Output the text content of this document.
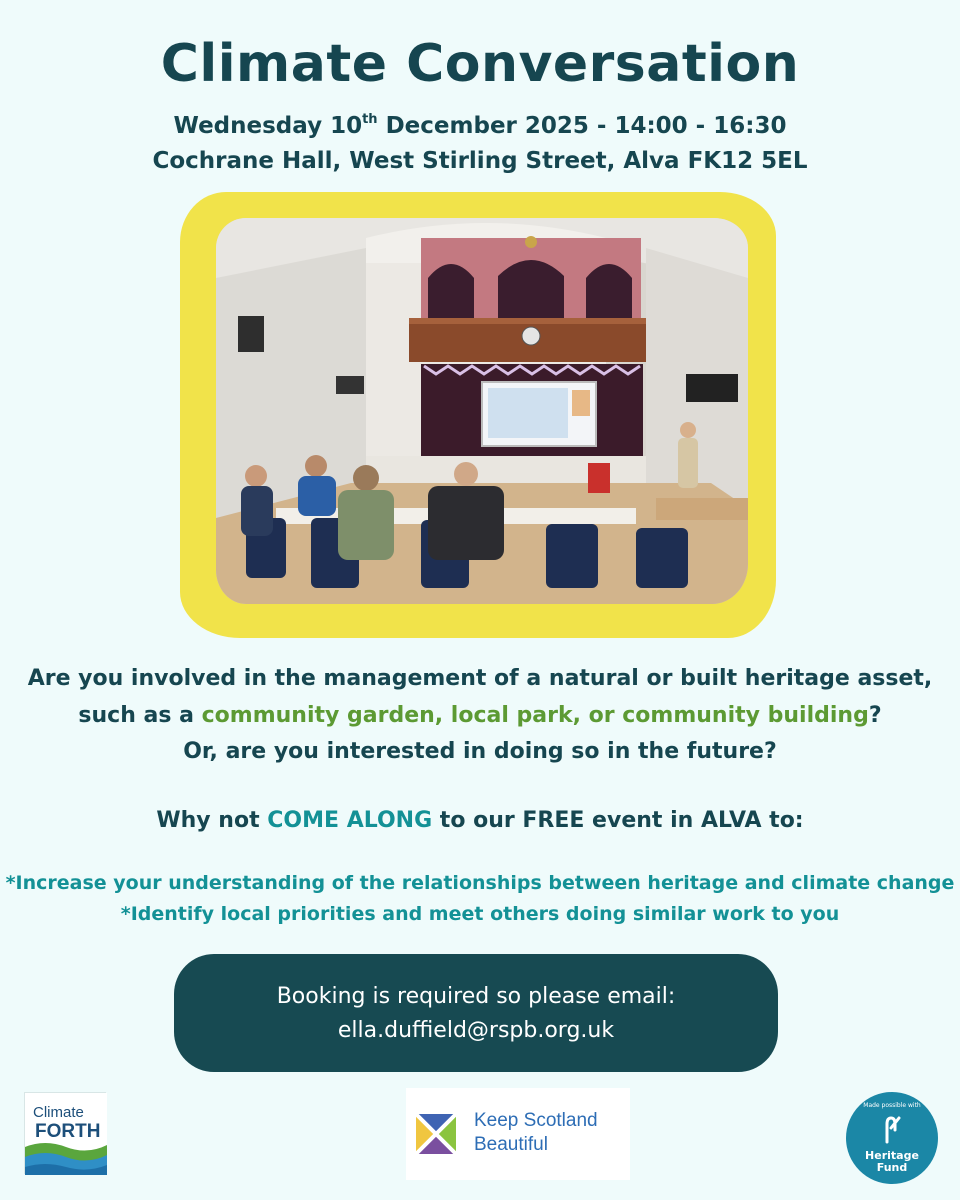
Climate Conversation
Wednesday 10th December 2025 - 14:00 - 16:30
Cochrane Hall, West Stirling Street, Alva FK12 5EL
Are you involved in the management of a natural or built heritage asset,
such as a community garden, local park, or community building?
Or, are you interested in doing so in the future?
Why not COME ALONG to our FREE event in ALVA to:
*Increase your understanding of the relationships between heritage and climate change
*Identify local priorities and meet others doing similar work to you
Booking is required so please email:
ella.duffield@rspb.org.uk
Climate
FORTH
Keep Scotland
Beautiful
Made possible with
Heritage
Fund
